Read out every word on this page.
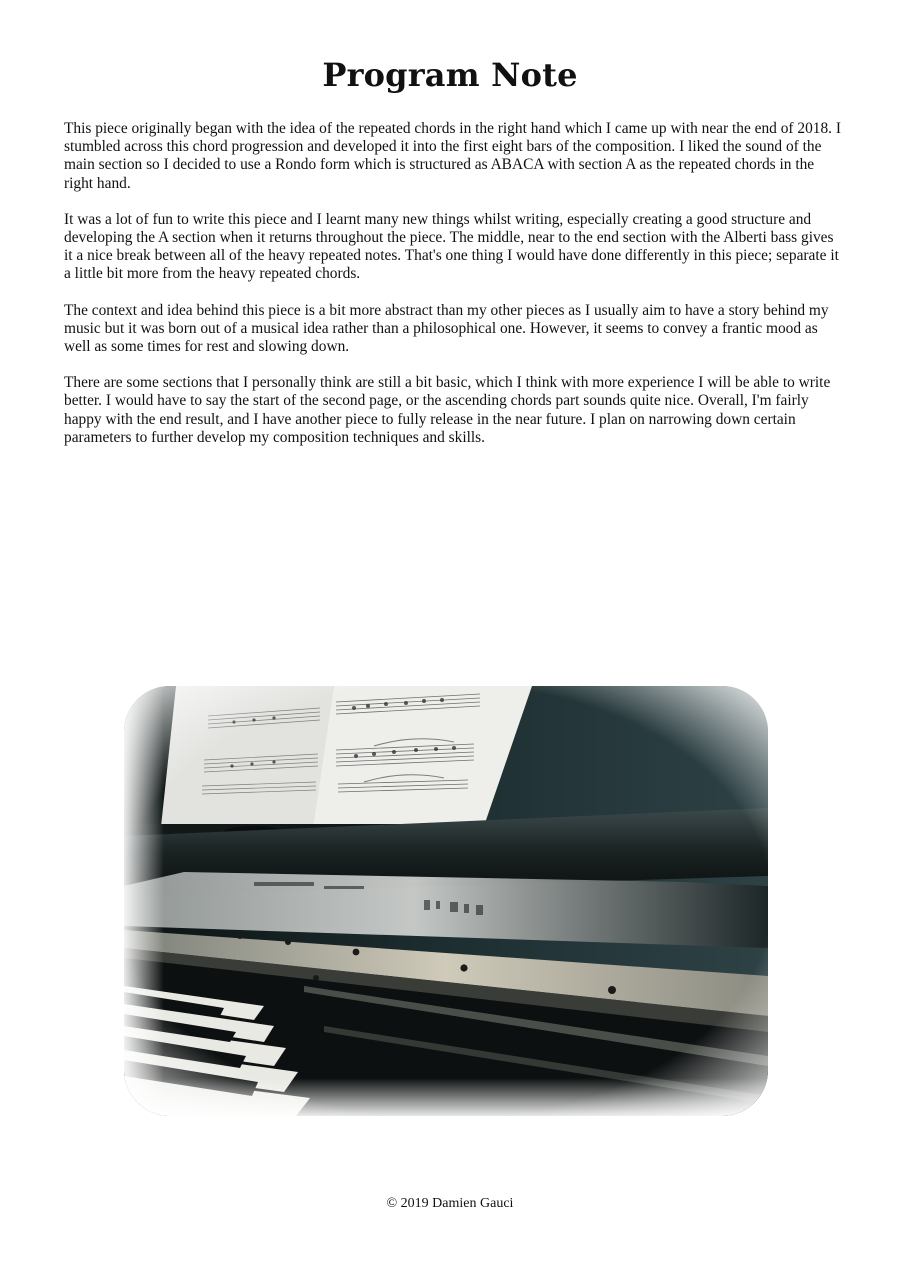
Program Note

This piece originally began with the idea of the repeated chords in the right hand which I came up with near the end of 2018. I stumbled across this chord progression and developed it into the first eight bars of the composition. I liked the sound of the main section so I decided to use a Rondo form which is structured as ABACA with section A as the repeated chords in the right hand.

It was a lot of fun to write this piece and I learnt many new things whilst writing, especially creating a good structure and developing the A section when it returns throughout the piece. The middle, near to the end section with the Alberti bass gives it a nice break between all of the heavy repeated notes. That's one thing I would have done differently in this piece; separate it a little bit more from the heavy repeated chords.

The context and idea behind this piece is a bit more abstract than my other pieces as I usually aim to have a story behind my music but it was born out of a musical idea rather than a philosophical one. However, it seems to convey a frantic mood as well as some times for rest and slowing down.

There are some sections that I personally think are still a bit basic, which I think with more experience I will be able to write better. I would have to say the start of the second page, or the ascending chords part sounds quite nice. Overall, I'm fairly happy with the end result, and I have another piece to fully release in the near future. I plan on narrowing down certain parameters to further develop my composition techniques and skills.

© 2019 Damien Gauci
